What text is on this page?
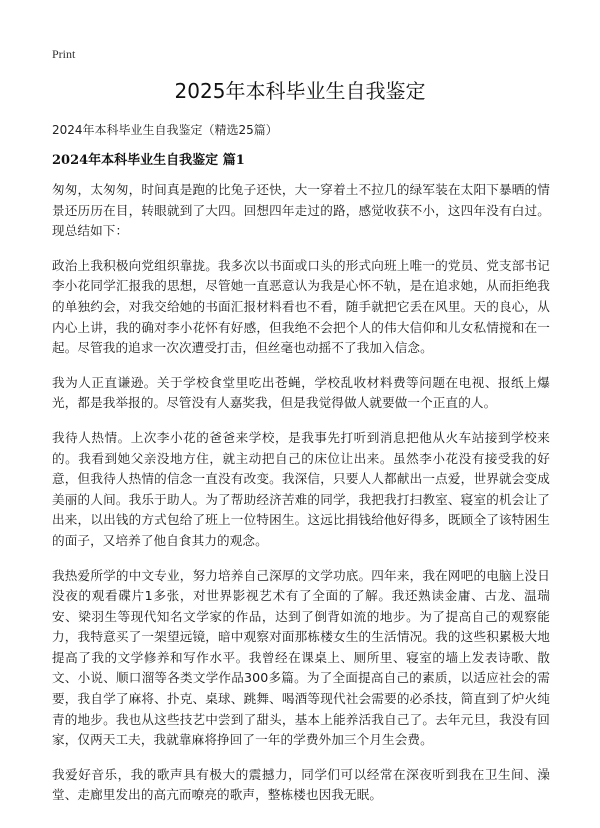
Print
2025年本科毕业生自我鉴定
2024年本科毕业生自我鉴定（精选25篇）
2024年本科毕业生自我鉴定 篇1

匆匆，太匆匆，时间真是跑的比兔子还快，大一穿着土不拉几的绿军装在太阳下暴晒的情景还历历在目，转眼就到了大四。回想四年走过的路，感觉收获不小，这四年没有白过。现总结如下：

政治上我积极向党组织靠拢。我多次以书面或口头的形式向班上唯一的党员、党支部书记李小花同学汇报我的思想，尽管她一直恶意认为我是心怀不轨，是在追求她，从而拒绝我的单独约会，对我交给她的书面汇报材料看也不看，随手就把它丢在风里。天的良心，从内心上讲，我的确对李小花怀有好感，但我绝不会把个人的伟大信仰和儿女私情搅和在一起。尽管我的追求一次次遭受打击，但丝毫也动摇不了我加入信念。

我为人正直谦逊。关于学校食堂里吃出苍蝇，学校乱收材料费等问题在电视、报纸上爆光，都是我举报的。尽管没有人嘉奖我，但是我觉得做人就要做一个正直的人。

我待人热情。上次李小花的爸爸来学校，是我事先打听到消息把他从火车站接到学校来的。我看到她父亲没地方住，就主动把自己的床位让出来。虽然李小花没有接受我的好意，但我待人热情的信念一直没有改变。我深信，只要人人都献出一点爱，世界就会变成美丽的人间。我乐于助人。为了帮助经济苦难的同学，我把我打扫教室、寝室的机会让了出来，以出钱的方式包给了班上一位特困生。这远比捐钱给他好得多，既顾全了该特困生的面子，又培养了他自食其力的观念。

我热爱所学的中文专业，努力培养自己深厚的文学功底。四年来，我在网吧的电脑上没日没夜的观看碟片1多张，对世界影视艺术有了全面的了解。我还熟读金庸、古龙、温瑞安、梁羽生等现代知名文学家的作品，达到了倒背如流的地步。为了提高自己的观察能力，我特意买了一架望远镜，暗中观察对面那栋楼女生的生活情况。我的这些积累极大地提高了我的文学修养和写作水平。我曾经在课桌上、厕所里、寝室的墙上发表诗歌、散文、小说、顺口溜等各类文学作品300多篇。为了全面提高自己的素质，以适应社会的需要，我自学了麻将、扑克、桌球、跳舞、喝酒等现代社会需要的必杀技，简直到了炉火纯青的地步。我也从这些技艺中尝到了甜头，基本上能养活我自己了。去年元旦，我没有回家，仅两天工夫，我就靠麻将挣回了一年的学费外加三个月生会费。

我爱好音乐，我的歌声具有极大的震撼力，同学们可以经常在深夜听到我在卫生间、澡堂、走廊里发出的高亢而嘹亮的歌声，整栋楼也因我无眠。
